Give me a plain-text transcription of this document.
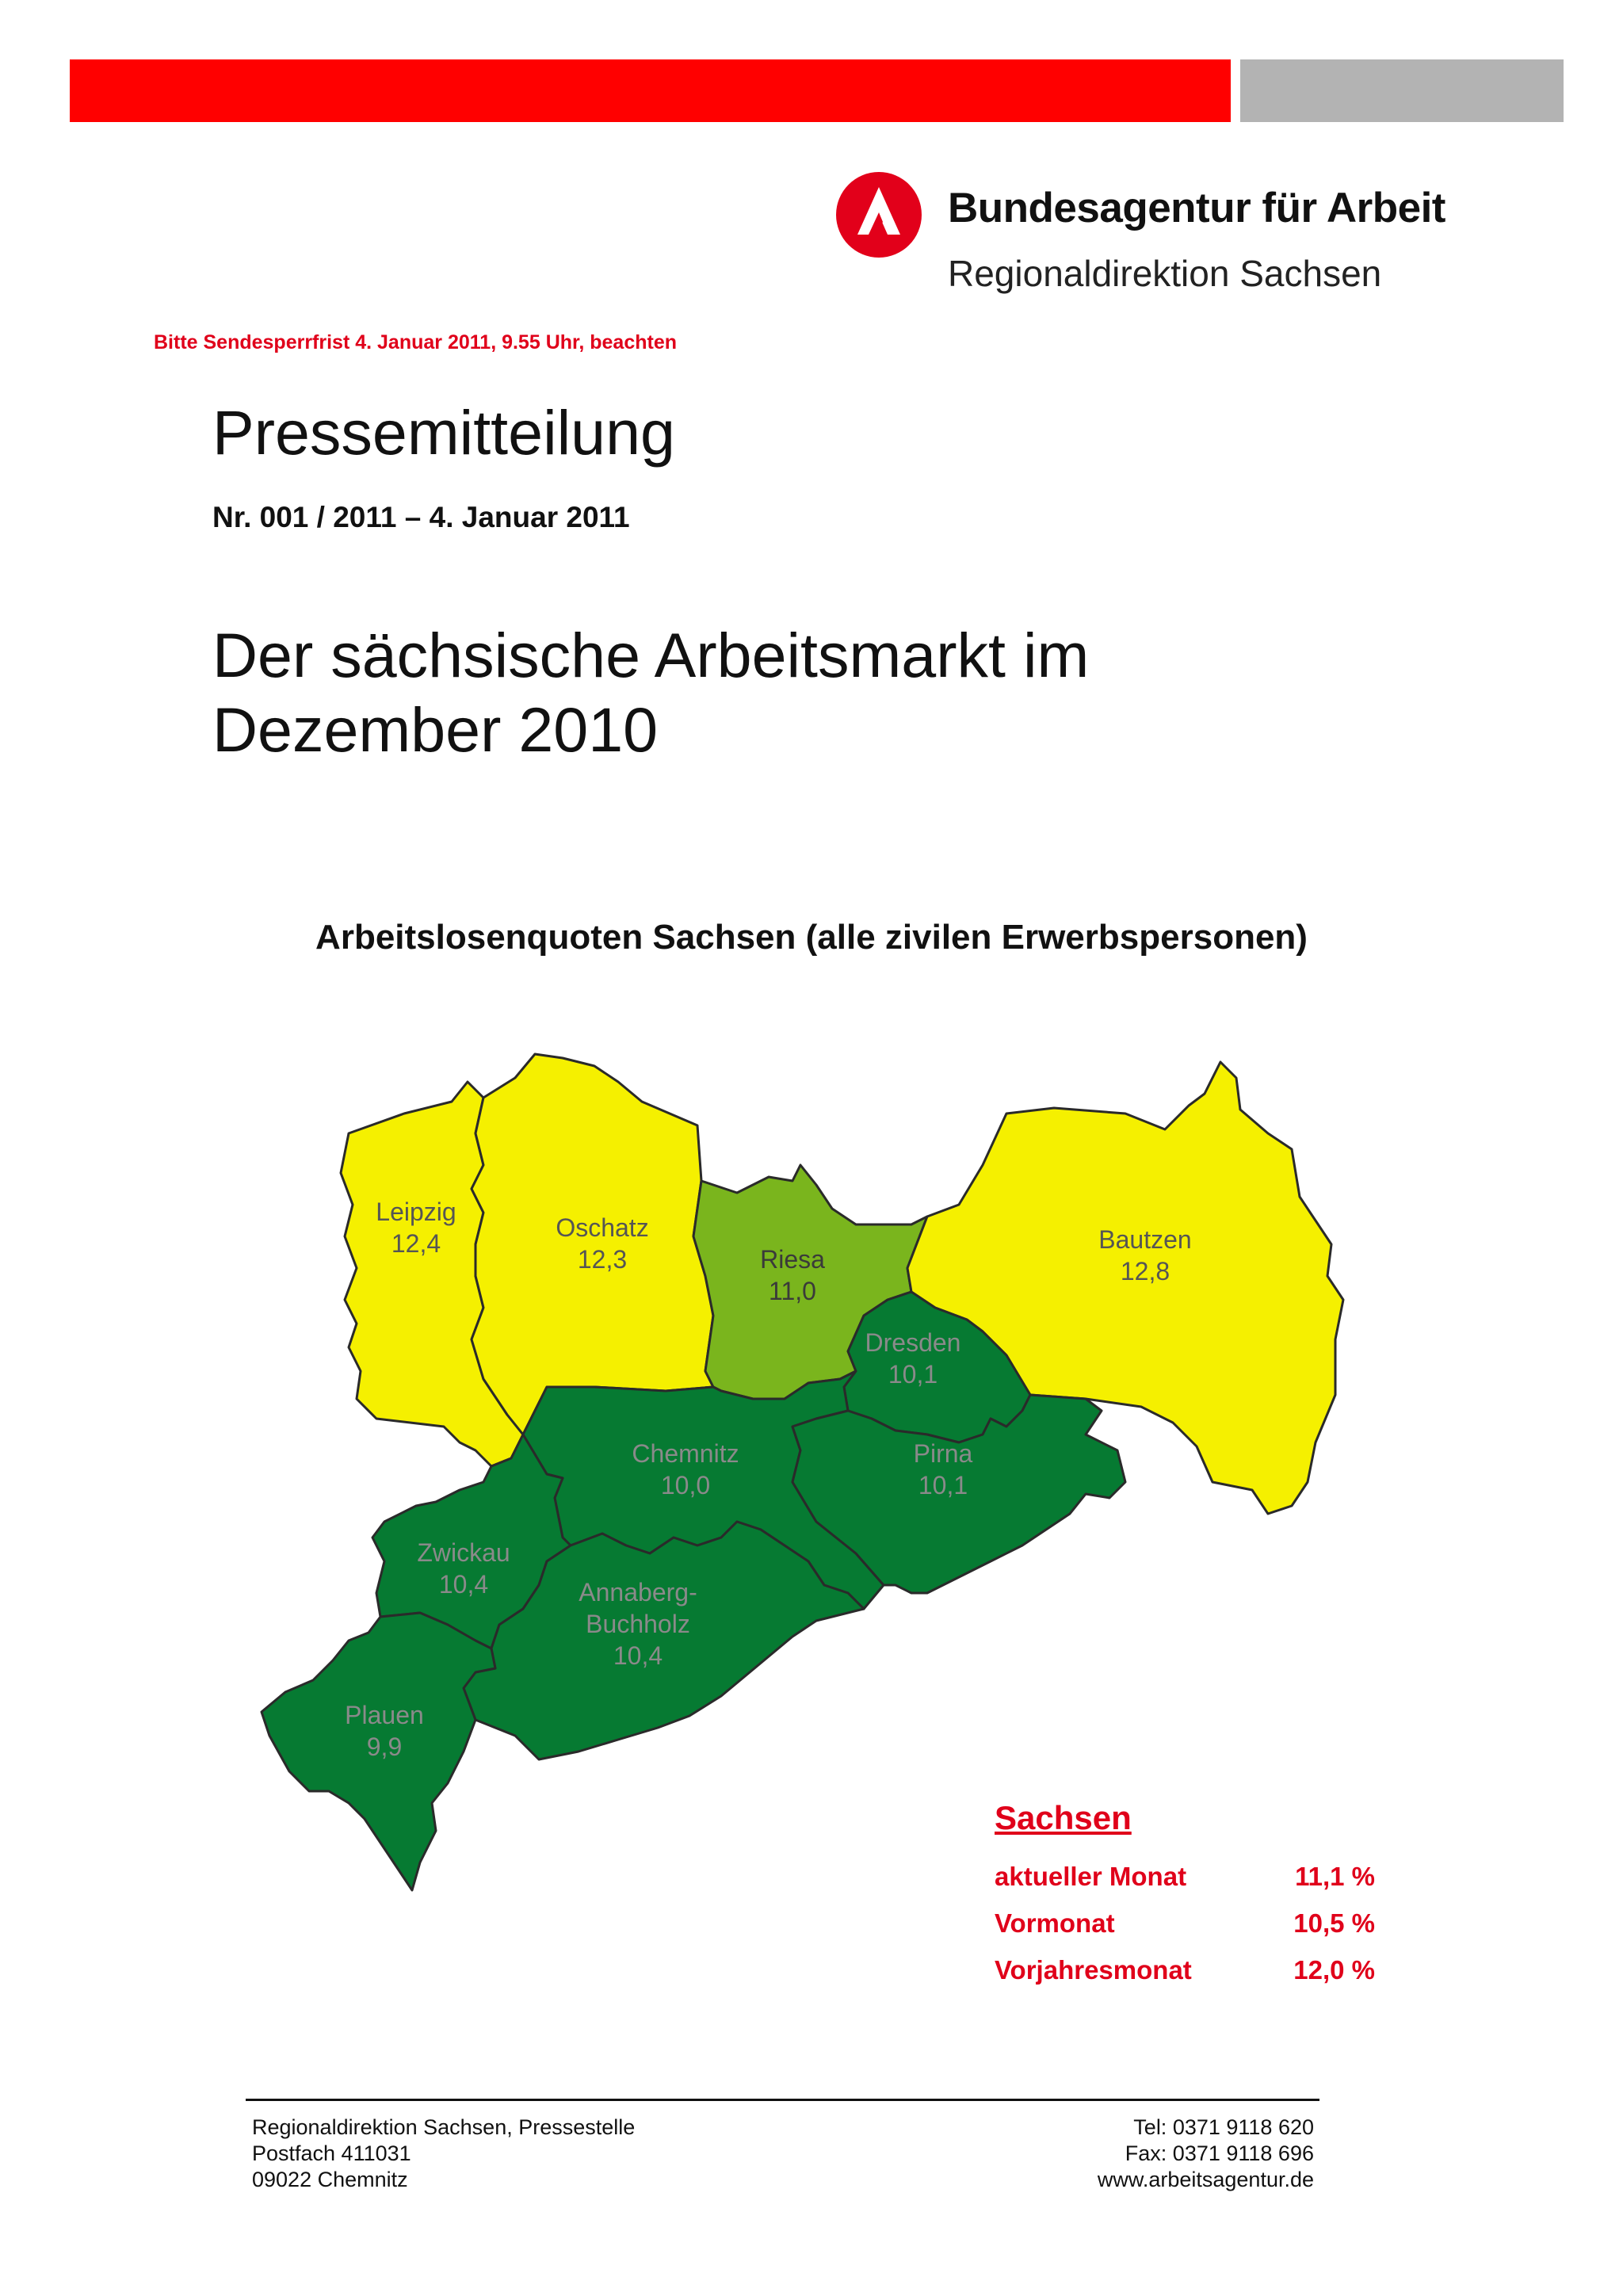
Bundesagentur für Arbeit
Regionaldirektion Sachsen
Bitte Sendesperrfrist 4. Januar 2011, 9.55 Uhr, beachten
Pressemitteilung
Nr. 001 / 2011 – 4. Januar 2011
Der sächsische Arbeitsmarkt im
Dezember 2010
Arbeitslosenquoten Sachsen (alle zivilen Erwerbspersonen)
Leipzig
12,4
Oschatz
12,3	Riesa
11,0
Bautzen
12,8
Dresden
10,1
Chemnitz
10,0
Pirna
10,1
Zwickau
10,4	Annaberg-
Buchholz
10,4
Plauen
9,9
Sachsen
aktueller Monat	11,1 %
Vormonat	10,5 %
Vorjahresmonat	12,0 %
Regionaldirektion Sachsen, Pressestelle
Postfach 411031
09022 Chemnitz
Tel: 0371 9118 620
Fax: 0371 9118 696
www.arbeitsagentur.de
